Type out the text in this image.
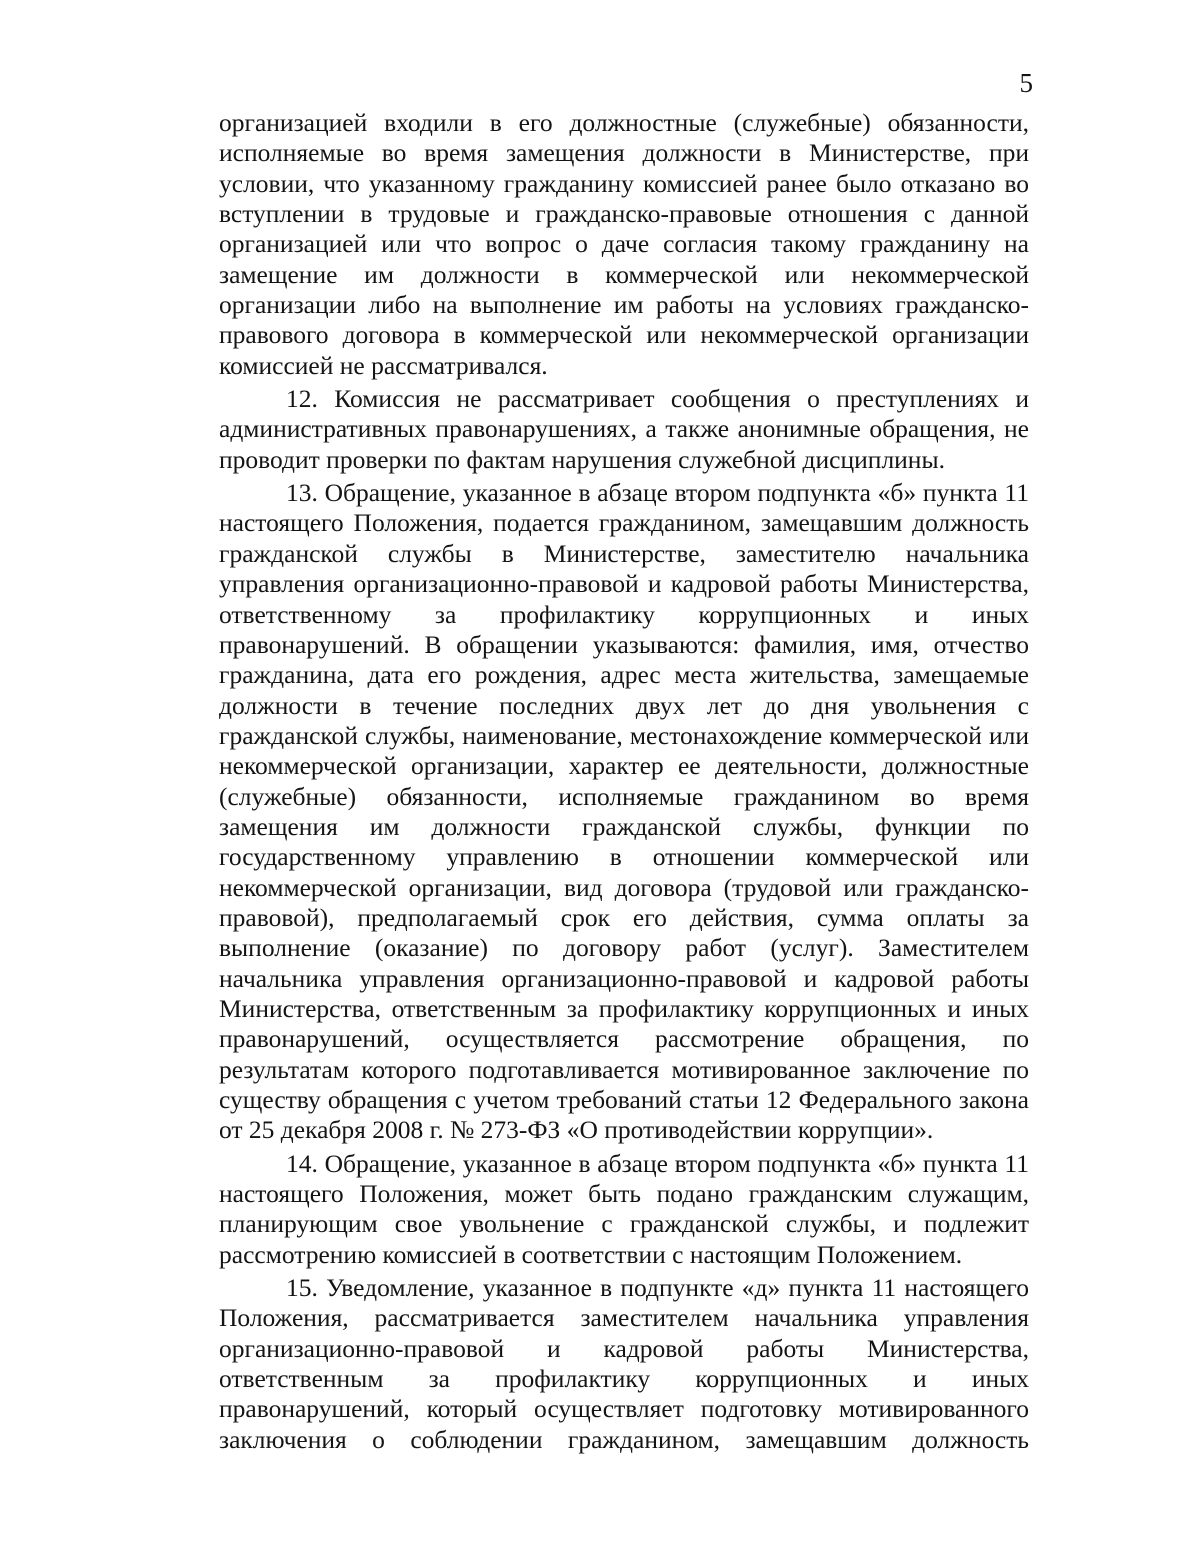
5

организацией входили в его должностные (служебные) обязанности, исполняемые во время замещения должности в Министерстве, при условии, что указанному гражданину комиссией ранее было отказано во вступлении в трудовые и гражданско-правовые отношения с данной организацией или что вопрос о даче согласия такому гражданину на замещение им должности в коммерческой или некоммерческой организации либо на выполнение им работы на условиях гражданско-правового договора в коммерческой или некоммерческой организации комиссией не рассматривался.

12. Комиссия не рассматривает сообщения о преступлениях и административных правонарушениях, а также анонимные обращения, не проводит проверки по фактам нарушения служебной дисциплины.

13. Обращение, указанное в абзаце втором подпункта «б» пункта 11 настоящего Положения, подается гражданином, замещавшим должность гражданской службы в Министерстве, заместителю начальника управления организационно-правовой и кадровой работы Министерства, ответственному за профилактику коррупционных и иных правонарушений. В обращении указываются: фамилия, имя, отчество гражданина, дата его рождения, адрес места жительства, замещаемые должности в течение последних двух лет до дня увольнения с гражданской службы, наименование, местонахождение коммерческой или некоммерческой организации, характер ее деятельности, должностные (служебные) обязанности, исполняемые гражданином во время замещения им должности гражданской службы, функции по государственному управлению в отношении коммерческой или некоммерческой организации, вид договора (трудовой или гражданско-правовой), предполагаемый срок его действия, сумма оплаты за выполнение (оказание) по договору работ (услуг). Заместителем начальника управления организационно-правовой и кадровой работы Министерства, ответственным за профилактику коррупционных и иных правонарушений, осуществляется рассмотрение обращения, по результатам которого подготавливается мотивированное заключение по существу обращения с учетом требований статьи 12 Федерального закона от 25 декабря 2008 г. № 273-ФЗ «О противодействии коррупции».

14. Обращение, указанное в абзаце втором подпункта «б» пункта 11 настоящего Положения, может быть подано гражданским служащим, планирующим свое увольнение с гражданской службы, и подлежит рассмотрению комиссией в соответствии с настоящим Положением.

15. Уведомление, указанное в подпункте «д» пункта 11 настоящего Положения, рассматривается заместителем начальника управления организационно-правовой и кадровой работы Министерства, ответственным за профилактику коррупционных и иных правонарушений, который осуществляет подготовку мотивированного заключения о соблюдении гражданином, замещавшим должность
